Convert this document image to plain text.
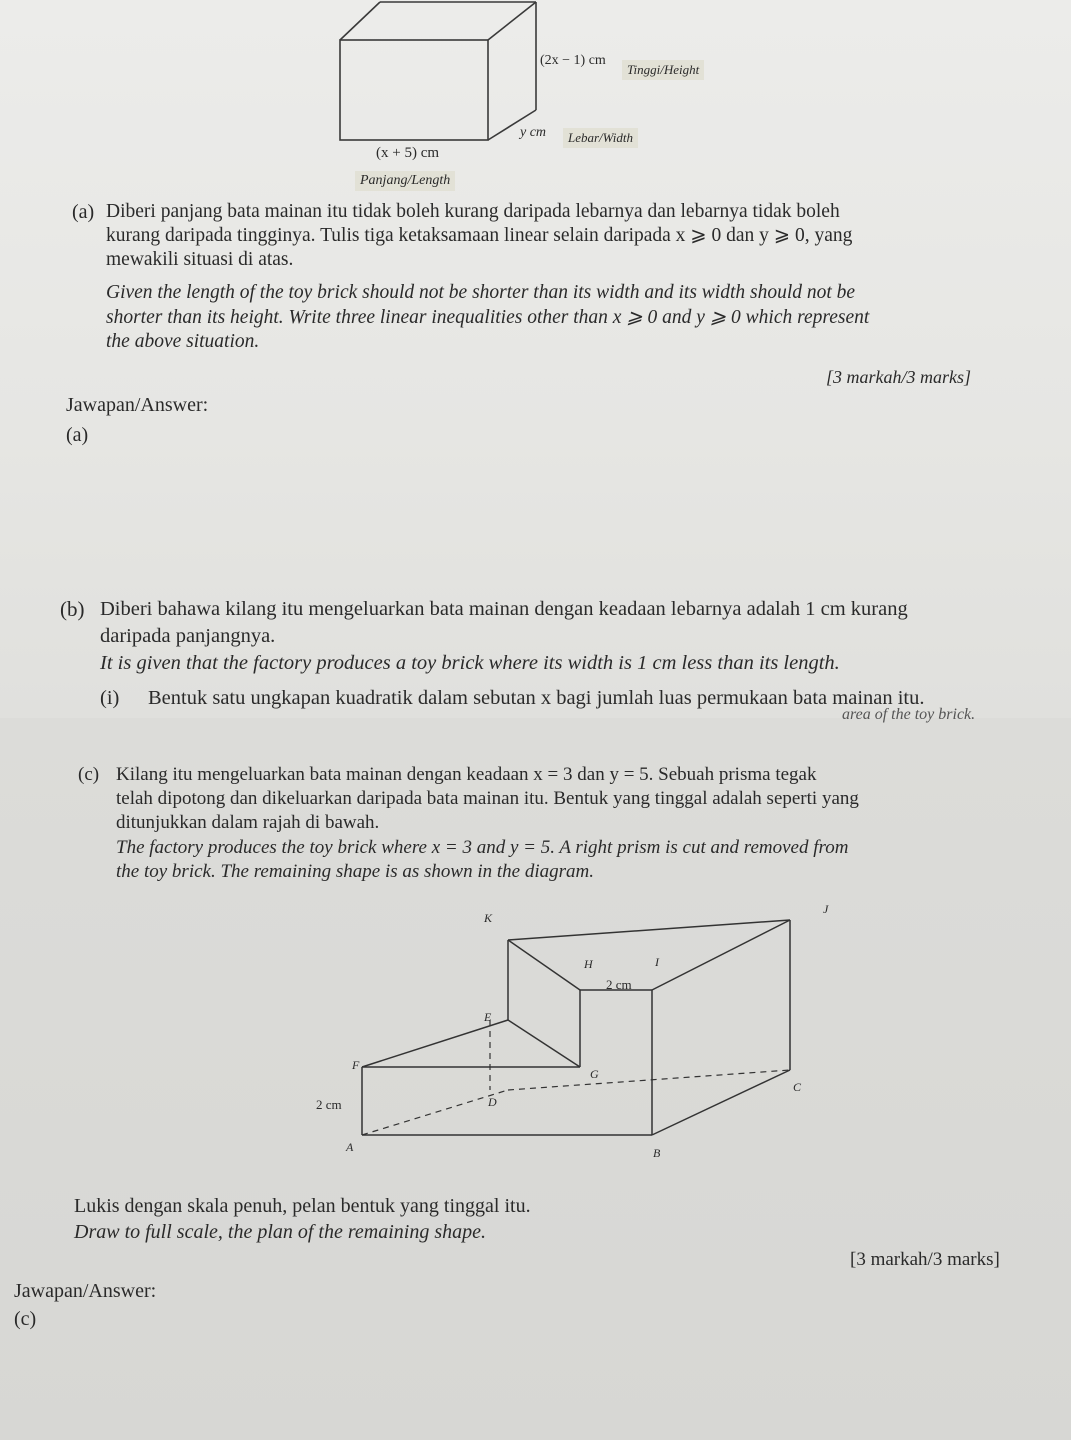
(2x − 1) cm
Tinggi/Height
y cm	Lebar/Width
(x + 5) cm
Panjang/Length
(a) Diberi panjang bata mainan itu tidak boleh kurang daripada lebarnya dan lebarnya tidak boleh
kurang daripada tingginya. Tulis tiga ketaksamaan linear selain daripada x ⩾ 0 dan y ⩾ 0, yang
mewakili situasi di atas.
Given the length of the toy brick should not be shorter than its width and its width should not be
shorter than its height. Write three linear inequalities other than x ⩾ 0 and y ⩾ 0 which represent
the above situation.
[3 markah/3 marks]
Jawapan/Answer:
(a)
(b) Diberi bahawa kilang itu mengeluarkan bata mainan dengan keadaan lebarnya adalah 1 cm kurang
daripada panjangnya.
It is given that the factory produces a toy brick where its width is 1 cm less than its length.
(i) Bentuk satu ungkapan kuadratik dalam sebutan x bagi jumlah luas permukaan bata mainan itu.
area of the toy brick.
(c) Kilang itu mengeluarkan bata mainan dengan keadaan x = 3 dan y = 5. Sebuah prisma tegak
telah dipotong dan dikeluarkan daripada bata mainan itu. Bentuk yang tinggal adalah seperti yang
ditunjukkan dalam rajah di bawah.
The factory produces the toy brick where x = 3 and y = 5. A right prism is cut and removed from
the toy brick. The remaining shape is as shown in the diagram.
K
J
H	I
2 cm
E
F
G
C
2 cm	D
A	B
Lukis dengan skala penuh, pelan bentuk yang tinggal itu.
Draw to full scale, the plan of the remaining shape.
[3 markah/3 marks]
Jawapan/Answer:
(c)
